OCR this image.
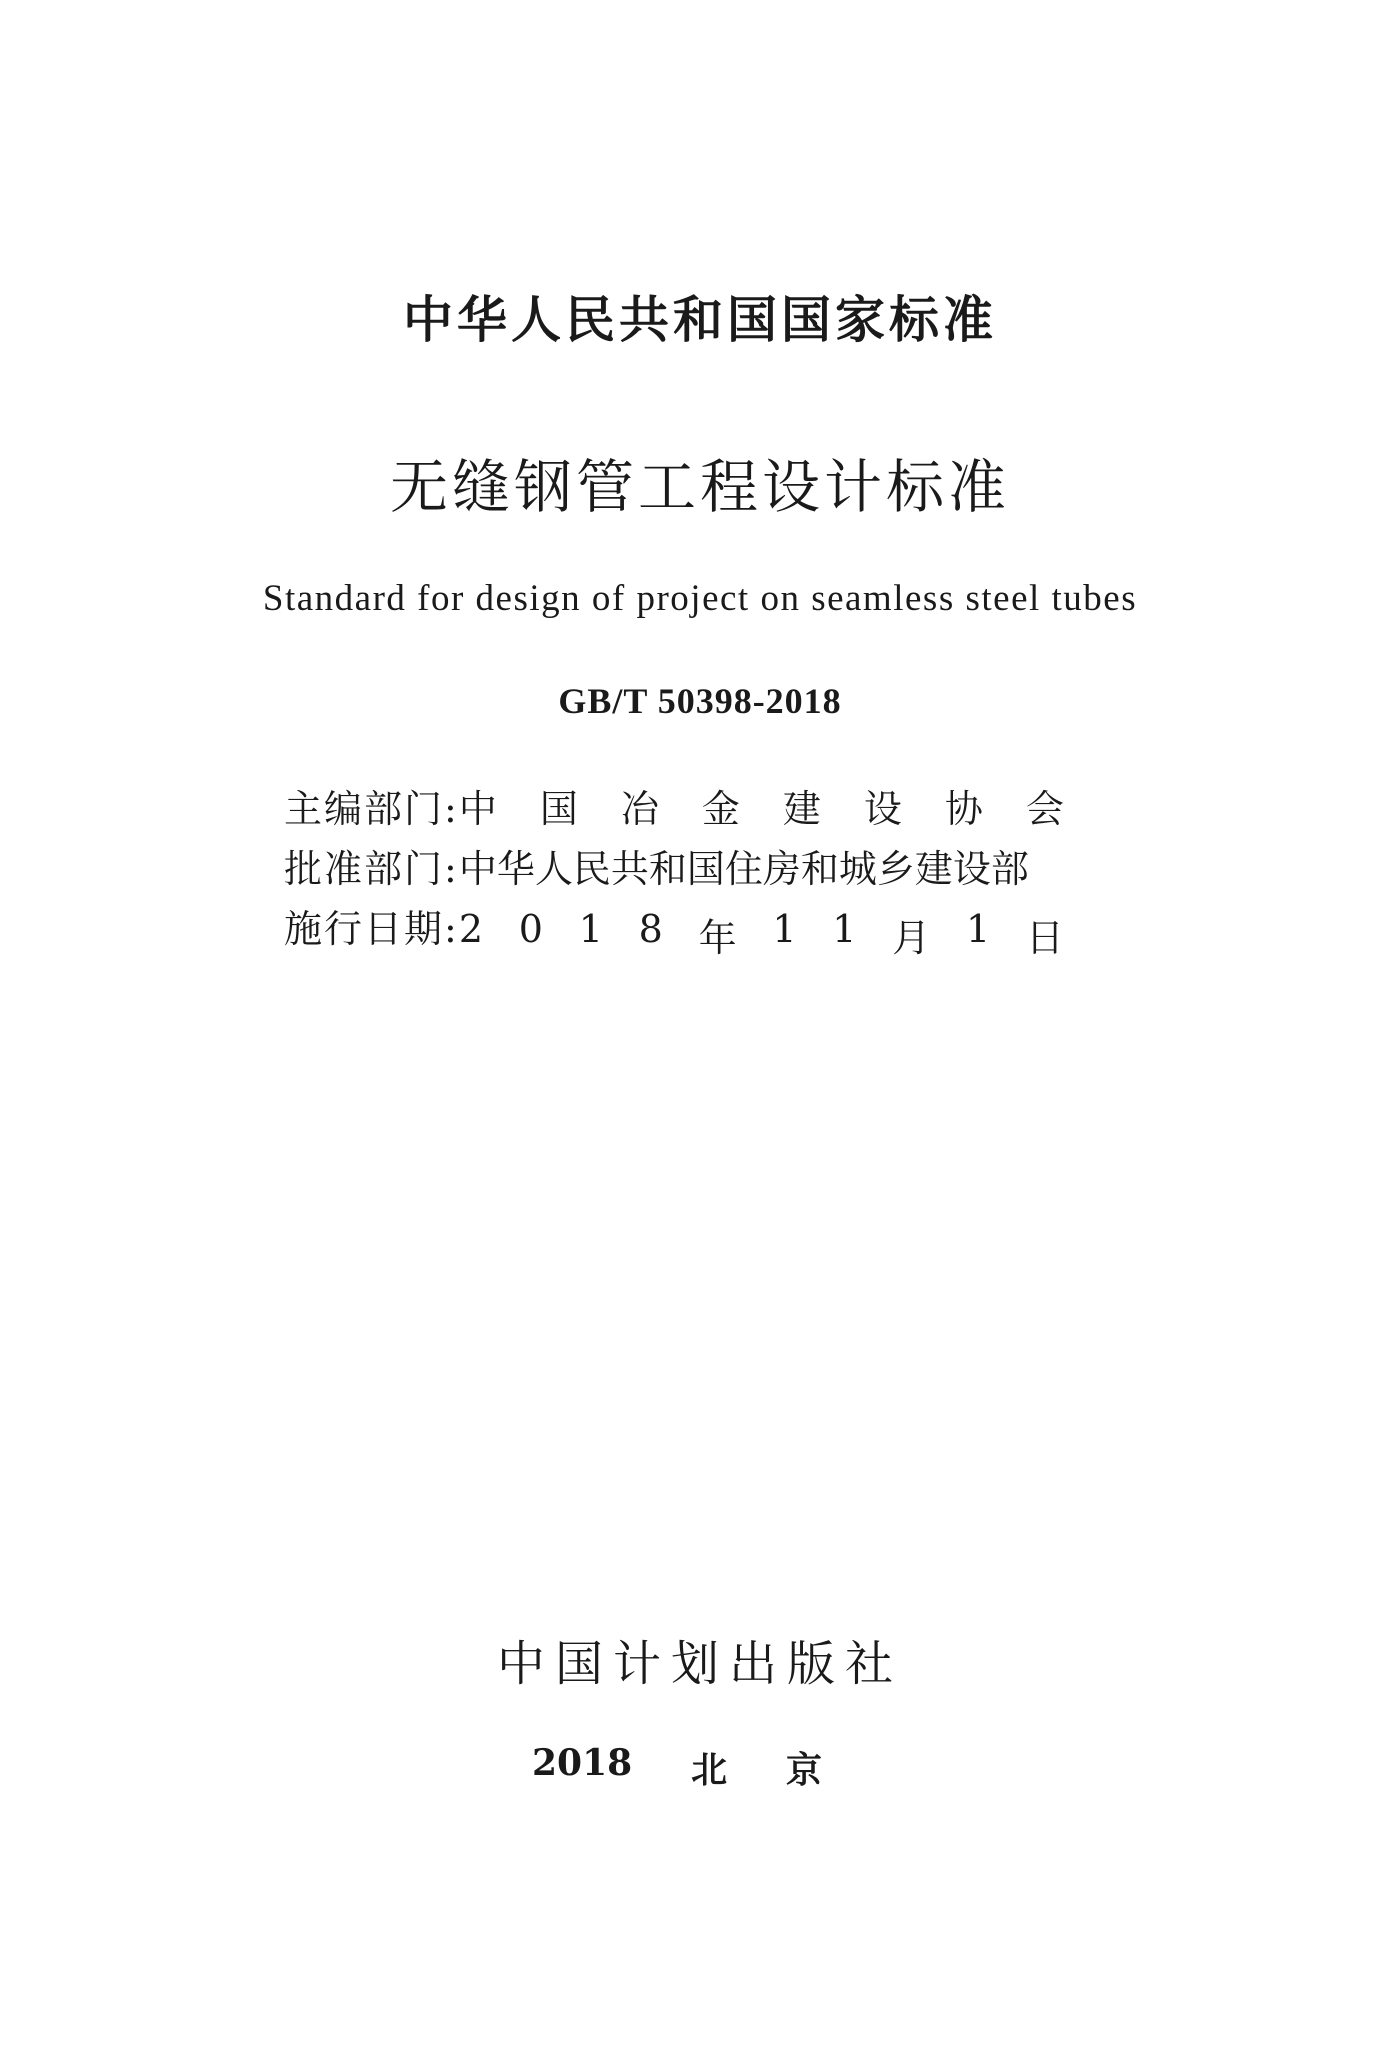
中华人民共和国国家标准
无缝钢管工程设计标准
Standard for design of project on seamless steel tubes
GB/T 50398-2018
主编部门: 中 国 冶 金 建 设 协 会
批准部门: 中华人民共和国住房和城乡建设部
施行日期: 2 0 1 8 年 1 1 月 1 日
中国计划出版社
2018 北 京
